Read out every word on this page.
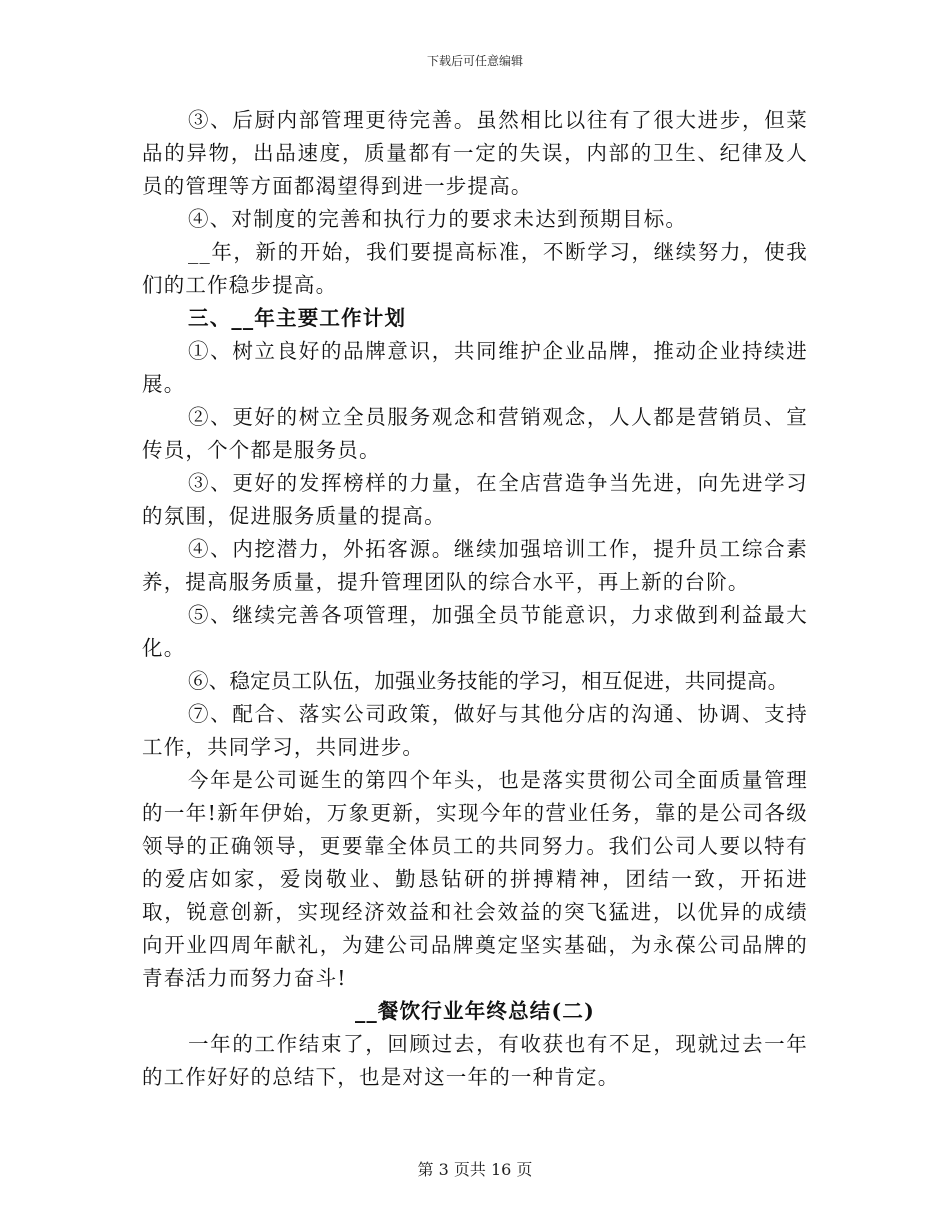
下载后可任意编辑

③、后厨内部管理更待完善。虽然相比以往有了很大进步，但菜品的异物，出品速度，质量都有一定的失误，内部的卫生、纪律及人员的管理等方面都渴望得到进一步提高。

④、对制度的完善和执行力的要求未达到预期目标。

__年，新的开始，我们要提高标准，不断学习，继续努力，使我们的工作稳步提高。

三、__年主要工作计划

①、树立良好的品牌意识，共同维护企业品牌，推动企业持续进展。

②、更好的树立全员服务观念和营销观念，人人都是营销员、宣传员，个个都是服务员。

③、更好的发挥榜样的力量，在全店营造争当先进，向先进学习的氛围，促进服务质量的提高。

④、内挖潜力，外拓客源。继续加强培训工作，提升员工综合素养，提高服务质量，提升管理团队的综合水平，再上新的台阶。

⑤、继续完善各项管理，加强全员节能意识，力求做到利益最大化。

⑥、稳定员工队伍，加强业务技能的学习，相互促进，共同提高。

⑦、配合、落实公司政策，做好与其他分店的沟通、协调、支持工作，共同学习，共同进步。

今年是公司诞生的第四个年头，也是落实贯彻公司全面质量管理的一年!新年伊始，万象更新，实现今年的营业任务，靠的是公司各级领导的正确领导，更要靠全体员工的共同努力。我们公司人要以特有的爱店如家，爱岗敬业、勤恳钻研的拼搏精神，团结一致，开拓进取，锐意创新，实现经济效益和社会效益的突飞猛进，以优异的成绩向开业四周年献礼，为建公司品牌奠定坚实基础，为永葆公司品牌的青春活力而努力奋斗!

__餐饮行业年终总结(二)

一年的工作结束了，回顾过去，有收获也有不足，现就过去一年的工作好好的总结下，也是对这一年的一种肯定。

第 3 页共 16 页
